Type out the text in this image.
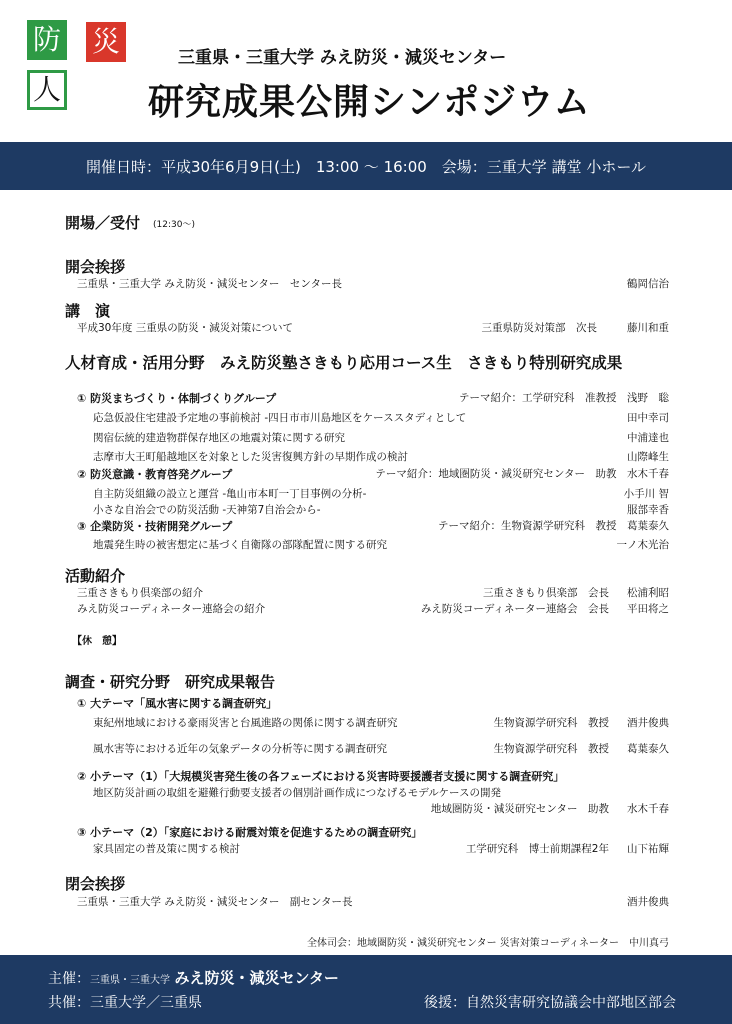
防 災
人
三重県・三重大学 みえ防災・減災センター
研究成果公開シンポジウム
開催日時：平成30年6月9日(土)　13:00 〜 16:00　会場：三重大学 講堂 小ホール
開場／受付 (12:30〜)
開会挨拶
三重県・三重大学 みえ防災・減災センター　センター長	鶴岡信治
講　演
平成30年度 三重県の防災・減災対策について	三重県防災対策部　次長	藤川和重
人材育成・活用分野　みえ防災塾さきもり応用コース生　さきもり特別研究成果
① 防災まちづくり・体制づくりグループ	テーマ紹介：工学研究科　准教授　浅野　聡
応急仮設住宅建設予定地の事前検討 -四日市市川島地区をケーススタディとして	田中幸司
関宿伝統的建造物群保存地区の地震対策に関する研究	中浦達也
志摩市大王町船越地区を対象とした災害復興方針の早期作成の検討	山際峰生
② 防災意識・教育啓発グループ	テーマ紹介：地域圏防災・減災研究センター　助教　水木千春
自主防災組織の設立と運営 -亀山市本町一丁目事例の分析-	小手川 智
小さな自治会での防災活動 -天神第7自治会から-	服部幸香
③ 企業防災・技術開発グループ	テーマ紹介：生物資源学研究科　教授　葛葉泰久
地震発生時の被害想定に基づく自衛隊の部隊配置に関する研究	一ノ木光治
活動紹介
三重さきもり倶楽部の紹介	三重さきもり倶楽部　会長 松浦利昭
みえ防災コーディネーター連絡会の紹介	みえ防災コーディネーター連絡会　会長 平田将之
【休　憩】
調査・研究分野　研究成果報告
① 大テーマ「風水害に関する調査研究」
東紀州地域における豪雨災害と台風進路の関係に関する調査研究	生物資源学研究科　教授 酒井俊典
風水害等における近年の気象データの分析等に関する調査研究	生物資源学研究科　教授 葛葉泰久
② 小テーマ（1）「大規模災害発生後の各フェーズにおける災害時要援護者支援に関する調査研究」
地区防災計画の取組を避難行動要支援者の個別計画作成につなげるモデルケースの開発
地域圏防災・減災研究センター　助教 水木千春
③ 小テーマ（2）「家庭における耐震対策を促進するための調査研究」
家具固定の普及策に関する検討	工学研究科　博士前期課程2年 山下祐輝
閉会挨拶
三重県・三重大学 みえ防災・減災センター　副センター長	酒井俊典
全体司会：地域圏防災・減災研究センター 災害対策コーディネーター　中川真弓
主催：三重県・三重大学 みえ防災・減災センター
共催：三重大学／三重県	後援：自然災害研究協議会中部地区部会
